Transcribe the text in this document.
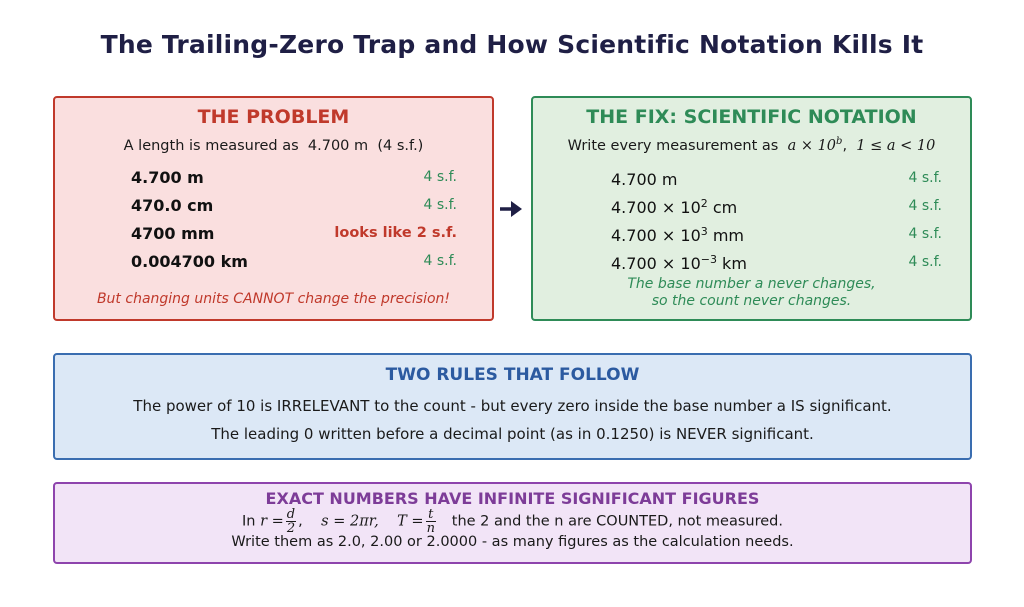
The Trailing-Zero Trap and How Scientific Notation Kills It
THE PROBLEM
A length is measured as  4.700 m  (4 s.f.)
4.700 m	4 s.f.
470.0 cm	4 s.f.
4700 mm	looks like 2 s.f.
0.004700 km	4 s.f.
But changing units CANNOT change the precision!
THE FIX: SCIENTIFIC NOTATION
Write every measurement as $a \times 10^b$,  1 ≤ a < 10
4.700 m	4 s.f.
$4.700 \times 10^2$ cm	4 s.f.
$4.700 \times 10^3$ mm	4 s.f.
$4.700 \times 10^{-3}$ km	4 s.f.
The base number a never changes,
so the count never changes.
TWO RULES THAT FOLLOW
The power of 10 is IRRELEVANT to the count - but every zero inside the base number a IS significant.
The leading 0 written before a decimal point (as in 0.1250) is NEVER significant.
EXACT NUMBERS HAVE INFINITE SIGNIFICANT FIGURES
In $r = \frac{d}{2}$ ,    s = 2πr, $T = \frac{t}{n}$ the 2 and the n are COUNTED, not measured.
Write them as 2.0, 2.00 or 2.0000 - as many figures as the calculation needs.
